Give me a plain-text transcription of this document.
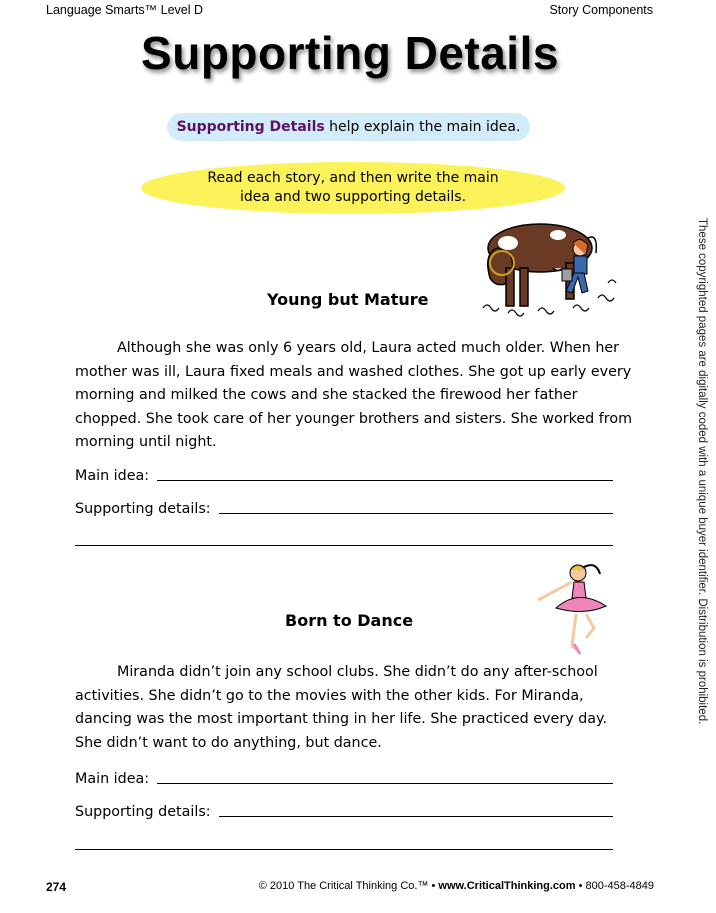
Language Smarts™ Level D	Story Components
Supporting Details
Supporting Details help explain the main idea.
Read each story, and then write the main idea and two supporting details.
Young but Mature
Although she was only 6 years old, Laura acted much older. When her mother was ill, Laura fixed meals and washed clothes. She got up early every morning and milked the cows and she stacked the firewood her father chopped. She took care of her younger brothers and sisters. She worked from morning until night.
Main idea:
Supporting details:
Born to Dance
Miranda didn’t join any school clubs. She didn’t do any after-school activities. She didn’t go to the movies with the other kids. For Miranda, dancing was the most important thing in her life. She practiced every day. She didn’t want to do anything, but dance.
Main idea:
Supporting details:
These copyrighted pages are digitally coded with a unique buyer identifier. Distribution is prohibited.
274	© 2010 The Critical Thinking Co.™ • www.CriticalThinking.com • 800-458-4849
